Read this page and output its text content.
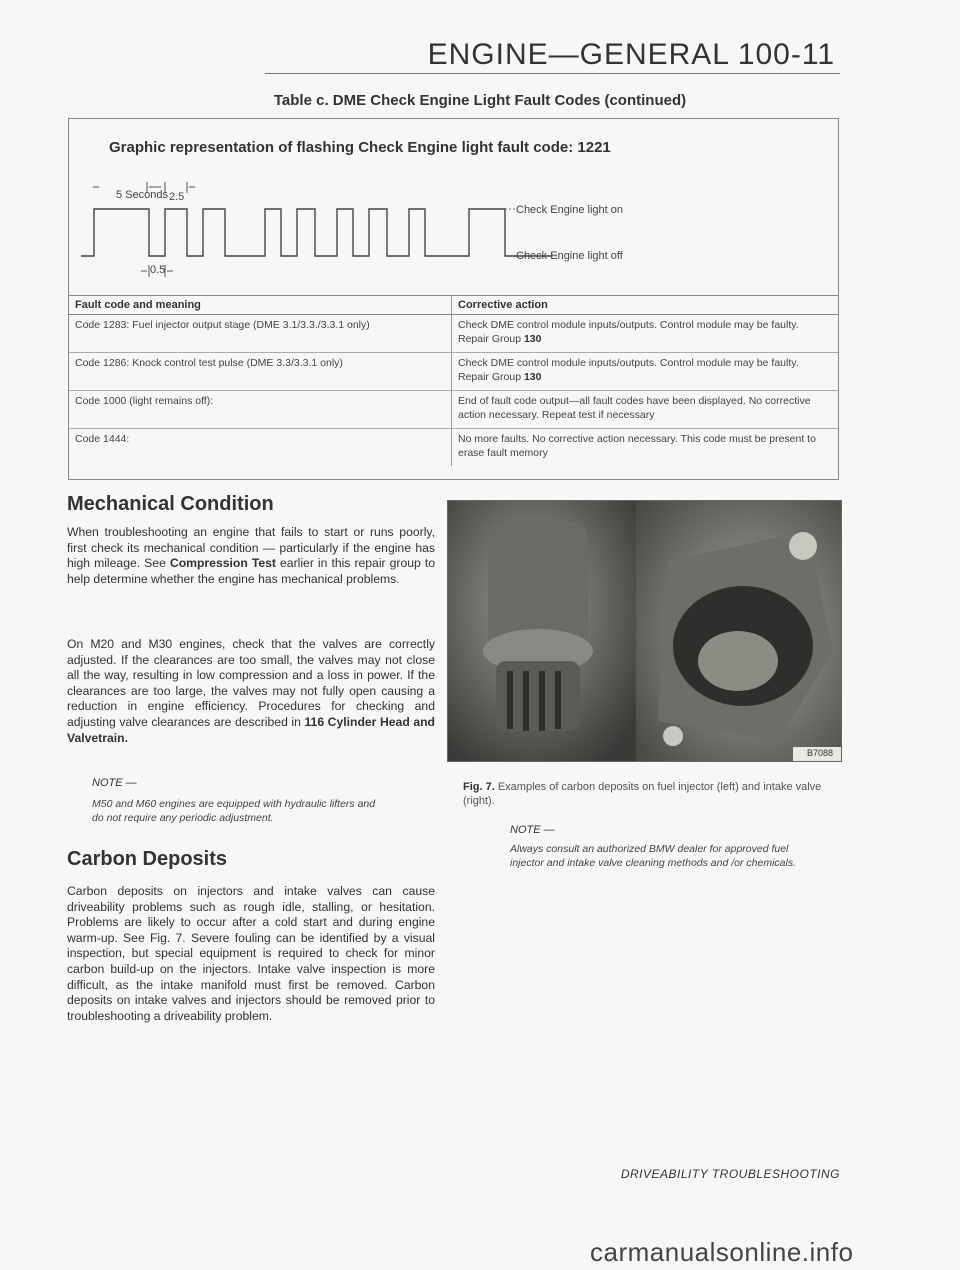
ENGINE—GENERAL 100-11
Table c. DME Check Engine Light Fault Codes (continued)
Graphic representation of flashing Check Engine light fault code: 1221
5 Seconds 2.5
0.5
Check Engine light on
Check Engine light off
Fault code and meaning	Corrective action
Code 1283: Fuel injector output stage (DME 3.1/3.3./3.3.1 only)	Check DME control module inputs/outputs. Control module may be faulty. Repair Group 130
Code 1286: Knock control test pulse (DME 3.3/3.3.1 only)	Check DME control module inputs/outputs. Control module may be faulty. Repair Group 130
Code 1000 (light remains off):	End of fault code output—all fault codes have been displayed. No corrective action necessary. Repeat test if necessary
Code 1444:	No more faults. No corrective action necessary. This code must be present to erase fault memory
Mechanical Condition
When troubleshooting an engine that fails to start or runs poorly, first check its mechanical condition — particularly if the engine has high mileage. See Compression Test earlier in this repair group to help determine whether the engine has mechanical problems.
On M20 and M30 engines, check that the valves are correctly adjusted. If the clearances are too small, the valves may not close all the way, resulting in low compression and a loss in power. If the clearances are too large, the valves may not fully open causing a reduction in engine efficiency. Procedures for checking and adjusting valve clearances are described in 116 Cylinder Head and Valvetrain.
NOTE —
M50 and M60 engines are equipped with hydraulic lifters and do not require any periodic adjustment.
Carbon Deposits
Carbon deposits on injectors and intake valves can cause driveability problems such as rough idle, stalling, or hesitation. Problems are likely to occur after a cold start and during engine warm-up. See Fig. 7. Severe fouling can be identified by a visual inspection, but special equipment is required to check for minor carbon build-up on the injectors. Intake valve inspection is more difficult, as the intake manifold must first be removed. Carbon deposits on intake valves and injectors should be removed prior to troubleshooting a driveability problem.
B7088
Fig. 7. Examples of carbon deposits on fuel injector (left) and intake valve (right).
NOTE —
Always consult an authorized BMW dealer for approved fuel injector and intake valve cleaning methods and /or chemicals.
DRIVEABILITY TROUBLESHOOTING
carmanualsonline.info
